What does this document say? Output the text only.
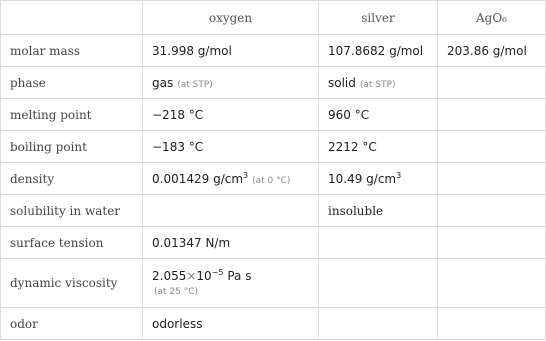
	oxygen	silver	AgO₆
molar mass	31.998 g/mol	107.8682 g/mol	203.86 g/mol
phase	gas (at STP)	solid (at STP)	
melting point	−218 °C	960 °C	
boiling point	−183 °C	2212 °C	
density	0.001429 $g/cm^3(at$ 0 °C)	10.49 $g/cm^3$	
solubility in water		insoluble	
surface tension	0.01347 N/m		
dynamic viscosity	$2.055\times 10^{-5}$ Pa s
(at 25 °C)		

odor	odorless		
